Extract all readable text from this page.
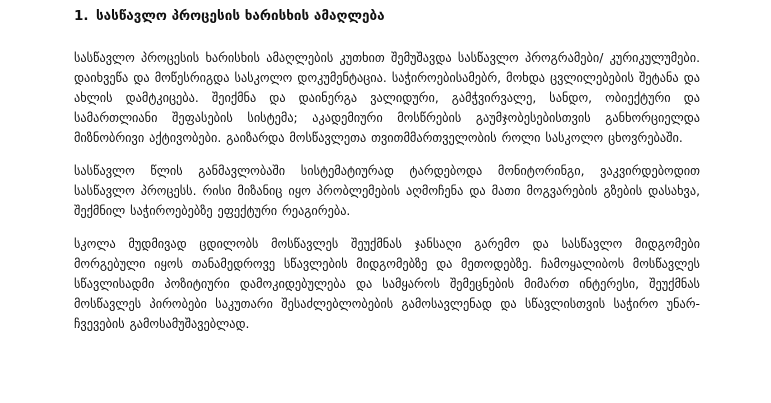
1. სასწავლო პროცესის ხარისხის ამაღლება

სასწავლო პროცესის ხარისხის ამაღლების კუთხით შემუშავდა სასწავლო პროგრამები/ კურიკულუმები. დაიხვეწა და მოწესრიგდა სასკოლო დოკუმენტაცია. საჭიროებისამებრ, მოხდა ცვლილებების შეტანა და ახლის დამტკიცება. შეიქმნა და დაინერგა ვალიდური, გამჭვირვალე, სანდო, ობიექტური და სამართლიანი შეფასების სისტემა; აკადემიური მოსწრების გაუმჯობესებისთვის განხორციელდა მიზნობრივი აქტივობები. გაიზარდა მოსწავლეთა თვითმმართველობის როლი სასკოლო ცხოვრებაში.

სასწავლო წლის განმავლობაში სისტემატიურად ტარდებოდა მონიტორინგი, ვაკვირდებოდით სასწავლო პროცესს. რისი მიზანიც იყო პრობლემების აღმოჩენა და მათი მოგვარების გზების დასახვა, შექმნილ საჭიროებებზე ეფექტური რეაგირება.

სკოლა მუდმივად ცდილობს მოსწავლეს შეუქმნას ჯანსაღი გარემო და სასწავლო მიდგომები მორგებული იყოს თანამედროვე სწავლების მიდგომებზე და მეთოდებზე. ჩამოყალიბოს მოსწავლეს სწავლისადმი პოზიტიური დამოკიდებულება და სამყაროს შემეცნების მიმართ ინტერესი, შეუქმნას მოსწავლეს პირობები საკუთარი შესაძლებლობების გამოსავლენად და სწავლისთვის საჭირო უნარ-ჩვევების გამოსამუშავებლად.
